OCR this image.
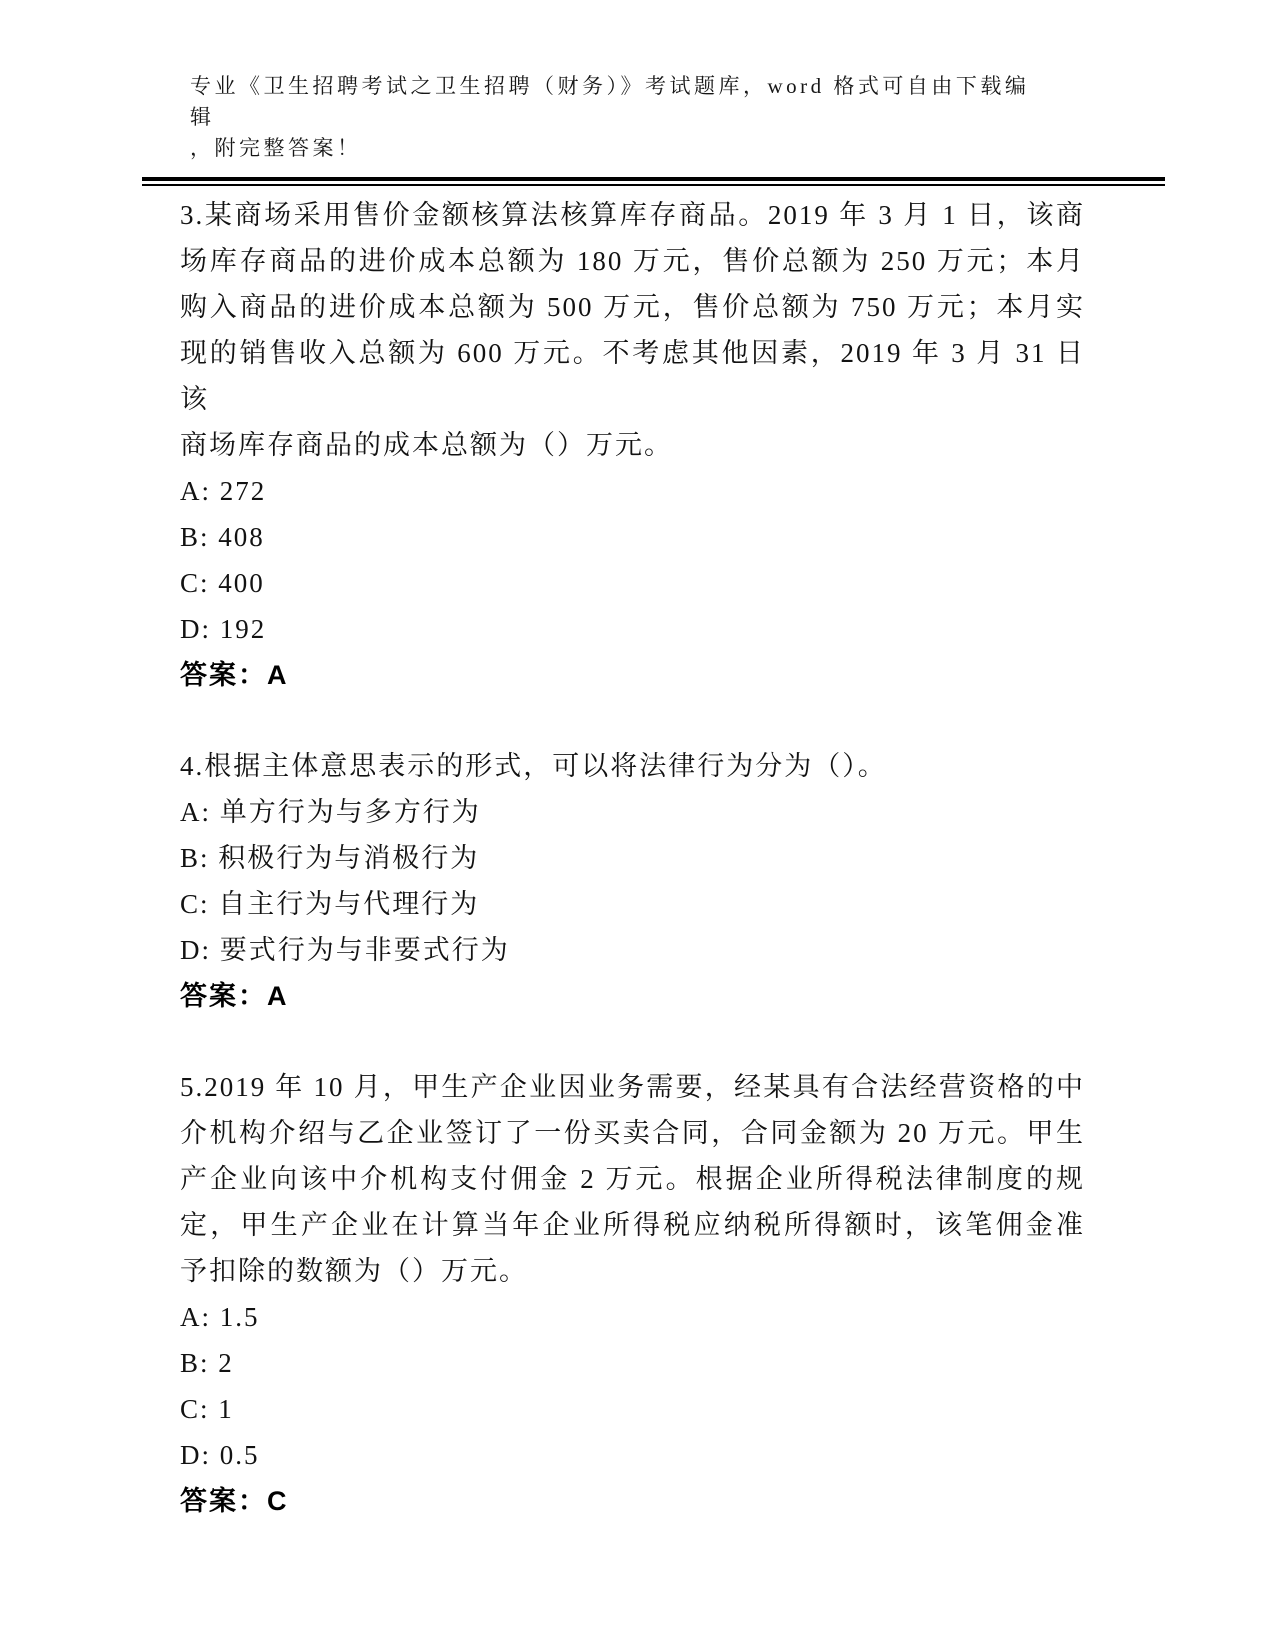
专业《卫生招聘考试之卫生招聘（财务）》考试题库，word 格式可自由下载编辑
，附完整答案！
3.某商场采用售价金额核算法核算库存商品。2019 年 3 月 1 日，该商
场库存商品的进价成本总额为 180 万元，售价总额为 250 万元；本月
购入商品的进价成本总额为 500 万元，售价总额为 750 万元；本月实
现的销售收入总额为 600 万元。不考虑其他因素，2019 年 3 月 31 日该
商场库存商品的成本总额为（）万元。
A: 272
B: 408
C: 400
D: 192
答案：A
4.根据主体意思表示的形式，可以将法律行为分为（）。
A: 单方行为与多方行为
B: 积极行为与消极行为
C: 自主行为与代理行为
D: 要式行为与非要式行为
答案：A
5.2019 年 10 月，甲生产企业因业务需要，经某具有合法经营资格的中
介机构介绍与乙企业签订了一份买卖合同，合同金额为 20 万元。甲生
产企业向该中介机构支付佣金 2 万元。根据企业所得税法律制度的规
定，甲生产企业在计算当年企业所得税应纳税所得额时，该笔佣金准
予扣除的数额为（）万元。
A: 1.5
B: 2
C: 1
D: 0.5
答案：C
